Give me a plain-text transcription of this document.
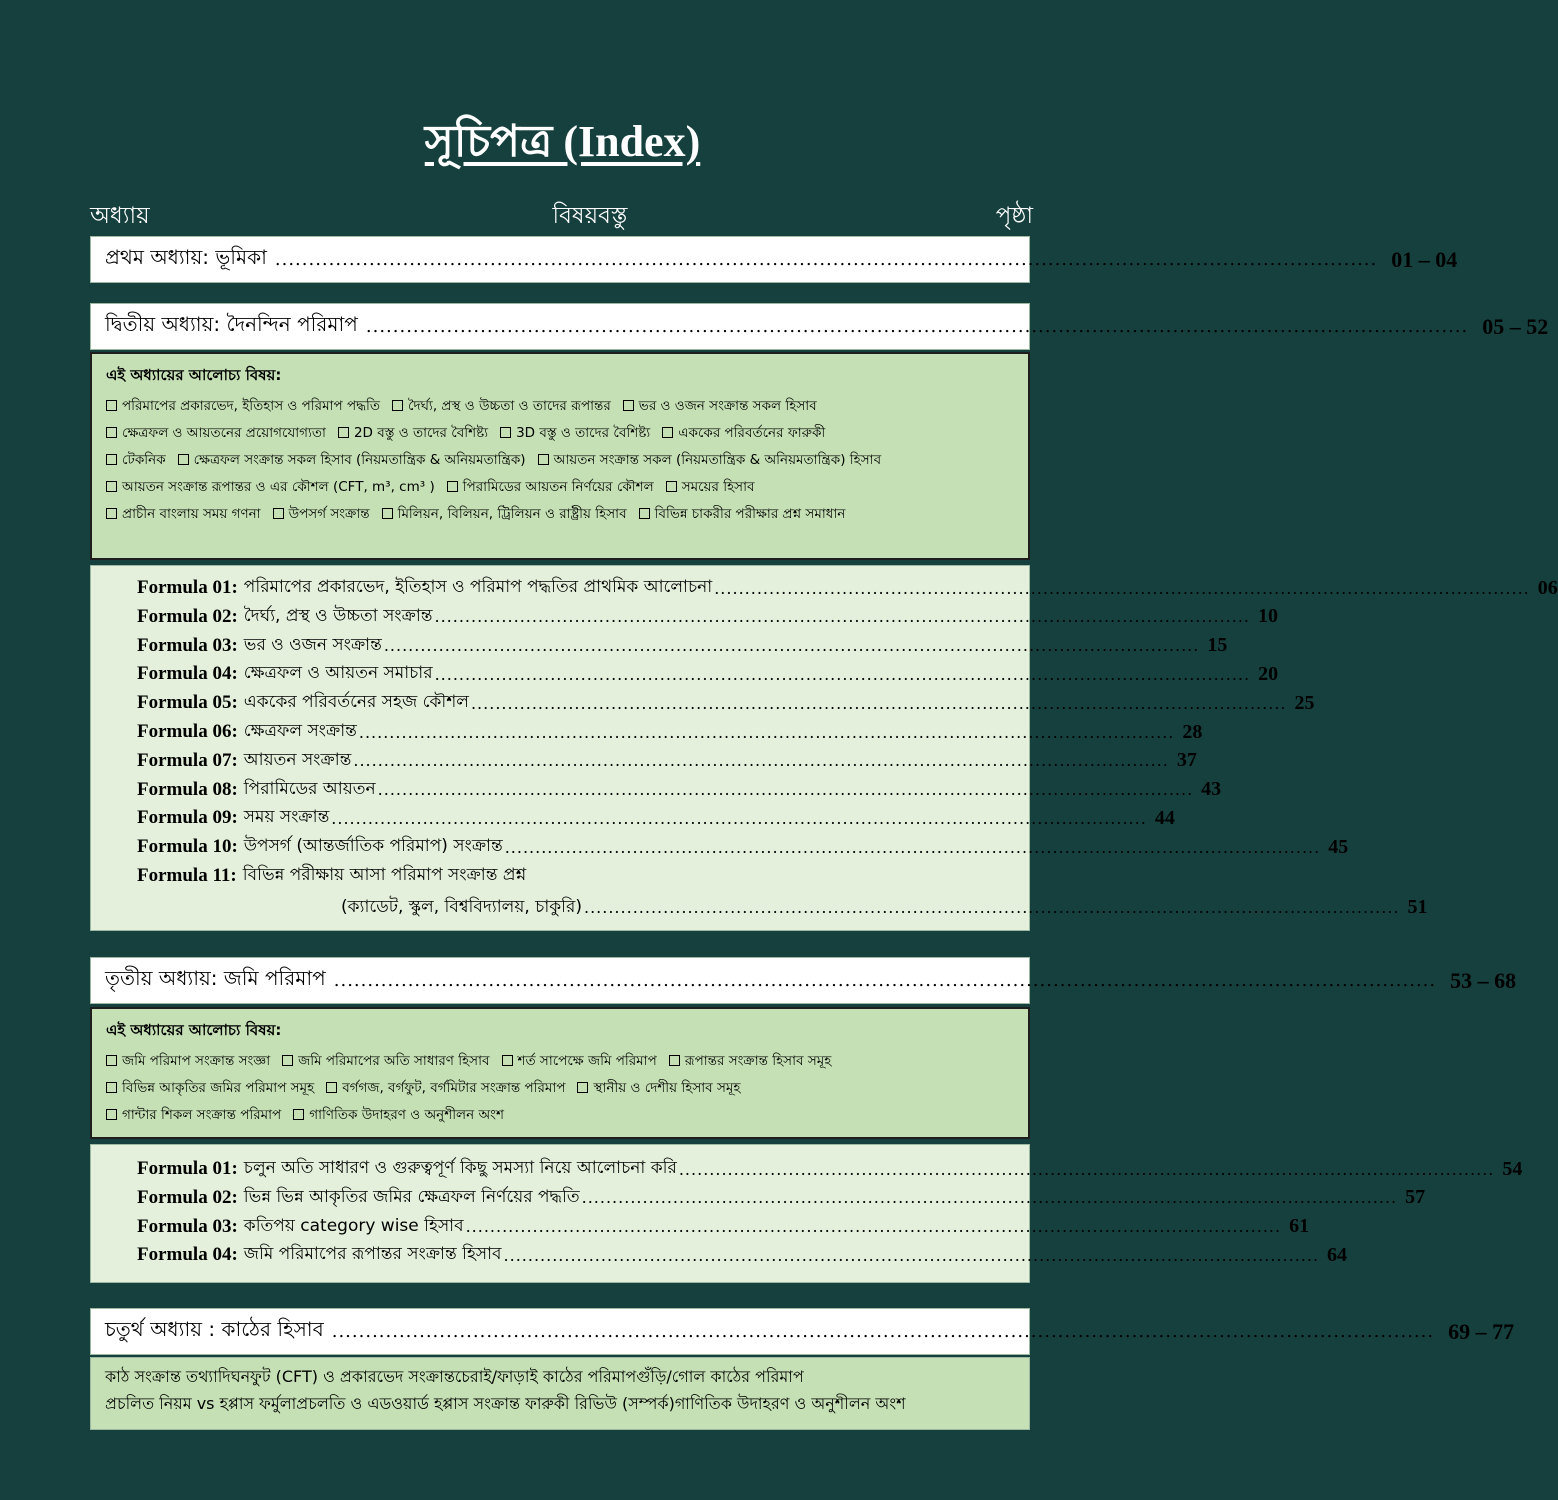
সূচিপত্র (Index)
অধ্যায়	বিষয়বস্তু	পৃষ্ঠা
প্রথম অধ্যায়: ভূমিকা .................................................................................................................................................................... 01 – 04
দ্বিতীয় অধ্যায়: দৈনন্দিন পরিমাপ .................................................................................................................................................................... 05 – 52
এই অধ্যায়ের আলোচ্য বিষয়:
পরিমাপের প্রকারভেদ, ইতিহাস ও পরিমাপ পদ্ধতি দৈর্ঘ্য, প্রস্থ ও উচ্চতা ও তাদের রূপান্তর ভর ও ওজন সংক্রান্ত সকল হিসাব
ক্ষেত্রফল ও আয়তনের প্রয়োগযোগ্যতা 2D বস্তু ও তাদের বৈশিষ্ট্য 3D বস্তু ও তাদের বৈশিষ্ট্য এককের পরিবর্তনের ফারুকী
টেকনিক ক্ষেত্রফল সংক্রান্ত সকল হিসাব (নিয়মতান্ত্রিক & অনিয়মতান্ত্রিক) আয়তন সংক্রান্ত সকল (নিয়মতান্ত্রিক & অনিয়মতান্ত্রিক) হিসাব
আয়তন সংক্রান্ত রূপান্তর ও এর কৌশল (CFT, m³, cm³ ) পিরামিডের আয়তন নির্ণয়ের কৌশল সময়ের হিসাব
প্রাচীন বাংলায় সময় গণনা উপসর্গ সংক্রান্ত মিলিয়ন, বিলিয়ন, ট্রিলিয়ন ও রাষ্ট্রীয় হিসাব বিভিন্ন চাকরীর পরীক্ষার প্রশ্ন সমাধান
Formula 01: পরিমাপের প্রকারভেদ, ইতিহাস ও পরিমাপ পদ্ধতির প্রাথমিক আলোচনা ...................................................................................................................................... 06
Formula 02: দৈর্ঘ্য, প্রস্থ ও উচ্চতা সংক্রান্ত ...................................................................................................................................... 10
Formula 03: ভর ও ওজন সংক্রান্ত ...................................................................................................................................... 15
Formula 04: ক্ষেত্রফল ও আয়তন সমাচার ...................................................................................................................................... 20
Formula 05: এককের পরিবর্তনের সহজ কৌশল ...................................................................................................................................... 25
Formula 06: ক্ষেত্রফল সংক্রান্ত ...................................................................................................................................... 28
Formula 07: আয়তন সংক্রান্ত ...................................................................................................................................... 37
Formula 08: পিরামিডের আয়তন ...................................................................................................................................... 43
Formula 09: সময় সংক্রান্ত ...................................................................................................................................... 44
Formula 10: উপসর্গ (আন্তর্জাতিক পরিমাপ) সংক্রান্ত ...................................................................................................................................... 45
Formula 11: বিভিন্ন পরীক্ষায় আসা পরিমাপ সংক্রান্ত প্রশ্ন
(ক্যাডেট, স্কুল, বিশ্ববিদ্যালয়, চাকুরি) ...................................................................................................................................... 51
তৃতীয় অধ্যায়: জমি পরিমাপ .................................................................................................................................................................... 53 – 68
এই অধ্যায়ের আলোচ্য বিষয়:
জমি পরিমাপ সংক্রান্ত সংজ্ঞা জমি পরিমাপের অতি সাধারণ হিসাব শর্ত সাপেক্ষে জমি পরিমাপ রূপান্তর সংক্রান্ত হিসাব সমূহ
বিভিন্ন আকৃতির জমির পরিমাপ সমূহ বর্গগজ, বর্গফুট, বর্গমিটার সংক্রান্ত পরিমাপ স্থানীয় ও দেশীয় হিসাব সমূহ
গান্টার শিকল সংক্রান্ত পরিমাপ গাণিতিক উদাহরণ ও অনুশীলন অংশ
Formula 01: চলুন অতি সাধারণ ও গুরুত্বপূর্ণ কিছু সমস্যা নিয়ে আলোচনা করি ...................................................................................................................................... 54
Formula 02: ভিন্ন ভিন্ন আকৃতির জমির ক্ষেত্রফল নির্ণয়ের পদ্ধতি ...................................................................................................................................... 57
Formula 03: কতিপয় category wise হিসাব ...................................................................................................................................... 61
Formula 04: জমি পরিমাপের রূপান্তর সংক্রান্ত হিসাব ...................................................................................................................................... 64
চতুর্থ অধ্যায় : কাঠের হিসাব .................................................................................................................................................................... 69 – 77
কাঠ সংক্রান্ত তথ্যাদিঘনফুট (CFT) ও প্রকারভেদ সংক্রান্তচেরাই/ফাড়াই কাঠের পরিমাপগুঁড়ি/গোল কাঠের পরিমাপ
প্রচলিত নিয়ম vs হপ্পাস ফর্মুলাপ্রচলতি ও এডওয়ার্ড হপ্পাস সংক্রান্ত ফারুকী রিভিউ (সম্পর্ক)গাণিতিক উদাহরণ ও অনুশীলন অংশ
